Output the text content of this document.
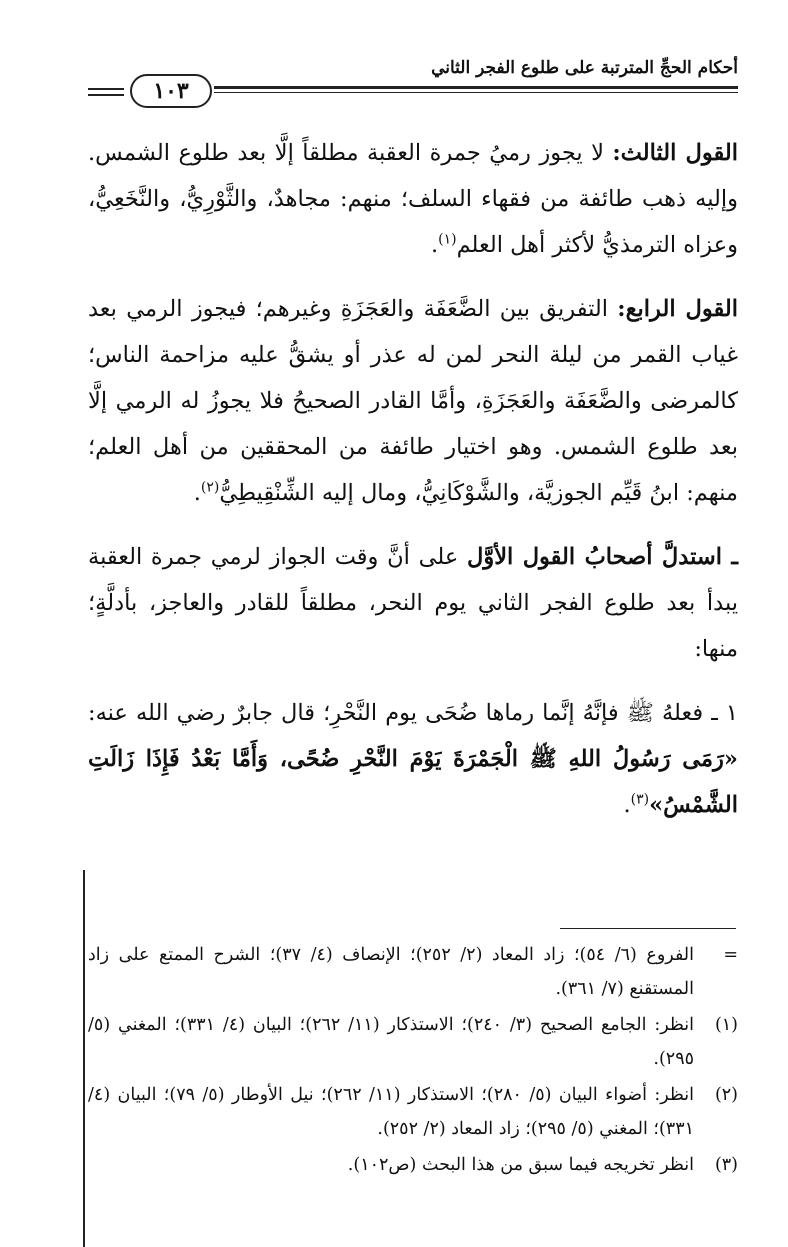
أحكام الحجِّ المترتبة على طلوع الفجر الثاني
١٠٣

القول الثالث: لا يجوز رميُ جمرة العقبة مطلقاً إلَّا بعد طلوع الشمس. وإليه ذهب طائفة من فقهاء السلف؛ منهم: مجاهدٌ، والثَّوْرِيُّ، والنَّخَعِيُّ، وعزاه الترمذيُّ لأكثر أهل العلم$^{(١)}$.

القول الرابع: التفريق بين الضَّعَفَة والعَجَزَةِ وغيرهم؛ فيجوز الرمي بعد غياب القمر من ليلة النحر لمن له عذر أو يشقُّ عليه مزاحمة الناس؛ كالمرضى والضَّعَفَة والعَجَزَةِ، وأمَّا القادر الصحيحُ فلا يجوزُ له الرمي إلَّا بعد طلوع الشمس. وهو اختيار طائفة من المحققين من أهل العلم؛ منهم: ابنُ قَيِّم الجوزيَّة، والشَّوْكَانِيُّ، ومال إليه الشِّنْقِيطِيُّ$^{(٢)}$.

ـ استدلَّ أصحابُ القول الأوَّل على أنَّ وقت الجواز لرمي جمرة العقبة يبدأ بعد طلوع الفجر الثاني يوم النحر، مطلقاً للقادر والعاجز، بأدلَّةٍ؛ منها:

١ ـ فعلهُ ﷺ فإنَّهُ إنَّما رماها ضُحَى يوم النَّحْرِ؛ قال جابرٌ رضي الله عنه: «رَمَى رَسُولُ اللهِ ﷺ الْجَمْرَةَ يَوْمَ النَّحْرِ ضُحًى، وَأَمَّا بَعْدُ فَإِذَا زَالَتِ الشَّمْسُ»$^{(٣)}$.

=
الفروع (٦/ ٥٤)؛ زاد المعاد (٢/ ٢٥٢)؛ الإنصاف (٤/ ٣٧)؛ الشرح الممتع على زاد المستقنع (٧/ ٣٦١).
(١)
انظر: الجامع الصحيح (٣/ ٢٤٠)؛ الاستذكار (١١/ ٢٦٢)؛ البيان (٤/ ٣٣١)؛ المغني (٥/ ٢٩٥).
(٢)
انظر: أضواء البيان (٥/ ٢٨٠)؛ الاستذكار (١١/ ٢٦٢)؛ نيل الأوطار (٥/ ٧٩)؛ البيان (٤/ ٣٣١)؛ المغني (٥/ ٢٩٥)؛ زاد المعاد (٢/ ٢٥٢).
(٣)
انظر تخريجه فيما سبق من هذا البحث (ص١٠٢).
